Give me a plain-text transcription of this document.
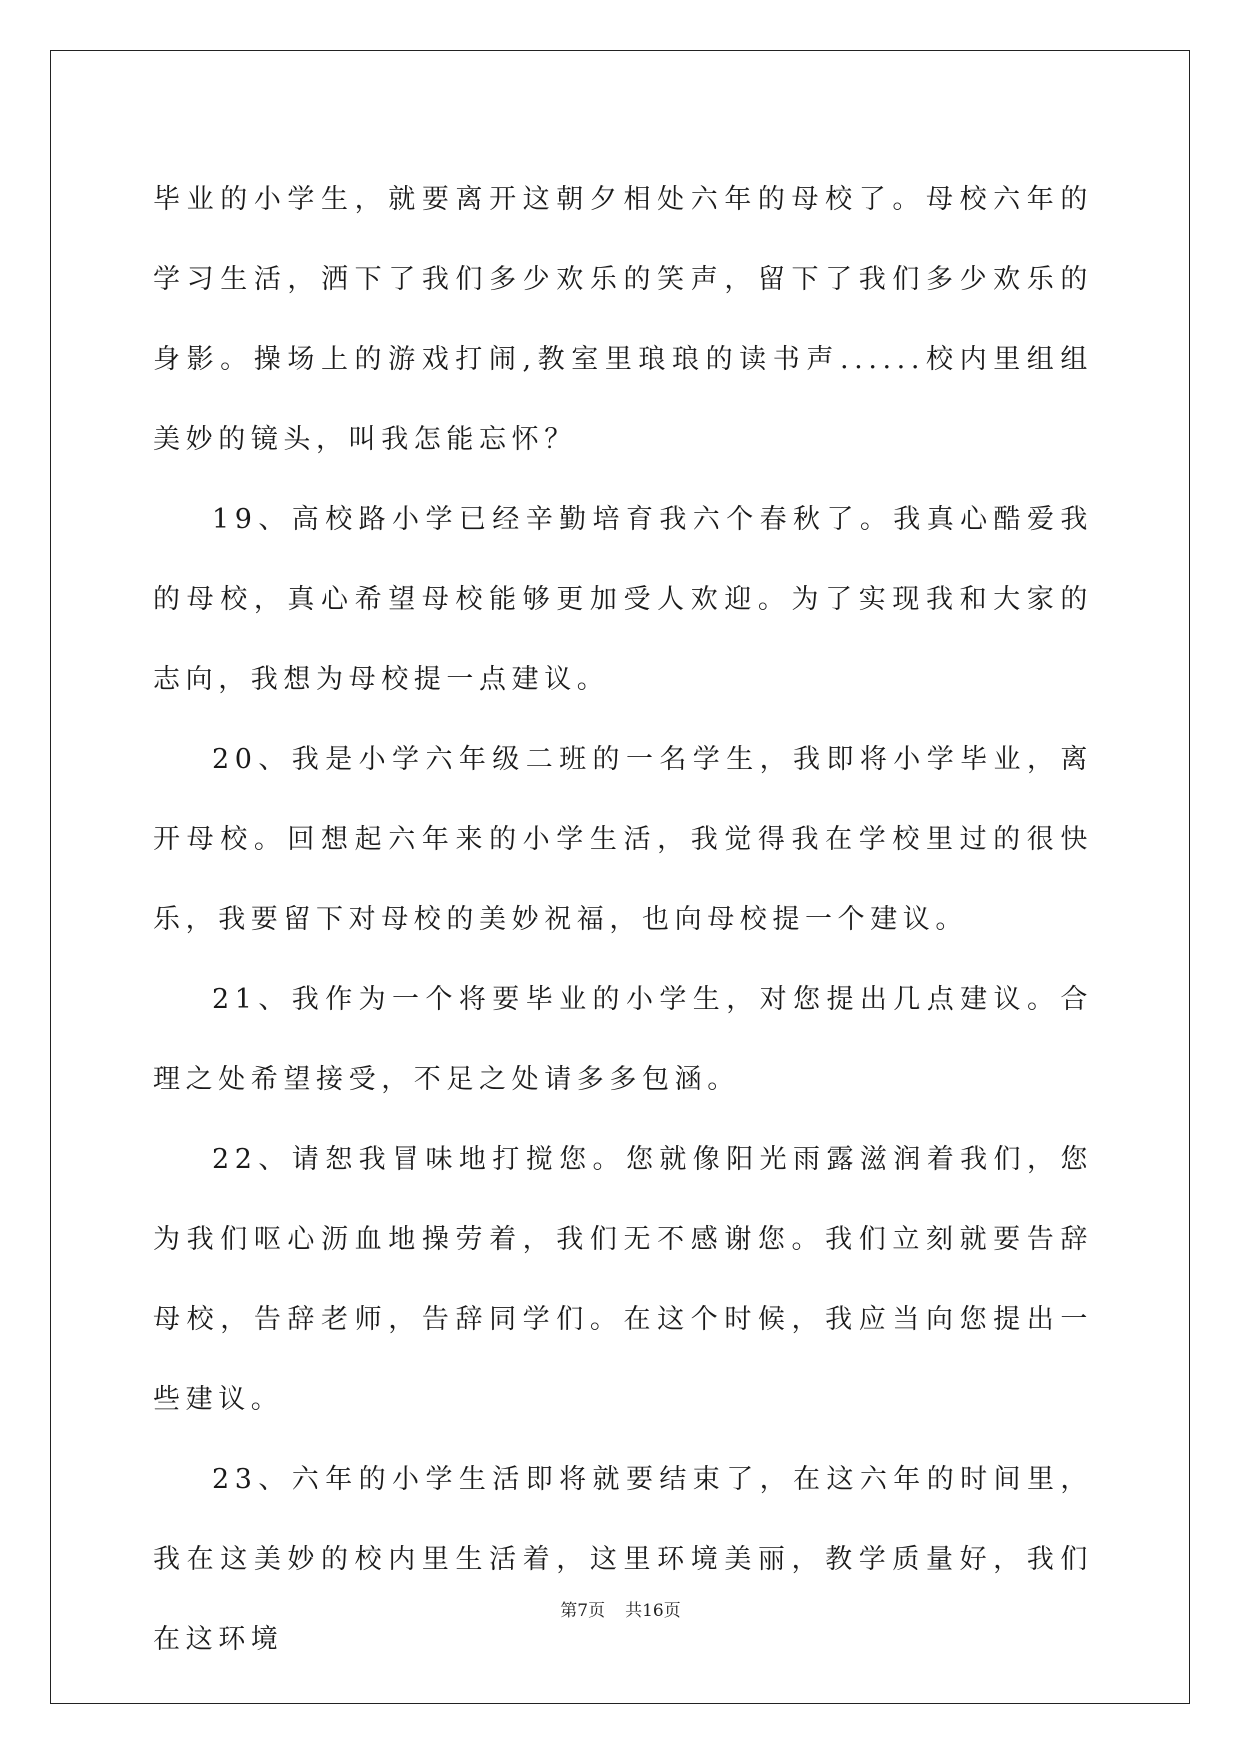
毕业的小学生，就要离开这朝夕相处六年的母校了。母校六年的学习生活，洒下了我们多少欢乐的笑声，留下了我们多少欢乐的身影。操场上的游戏打闹,教室里琅琅的读书声......校内里组组美妙的镜头，叫我怎能忘怀？

19、高校路小学已经辛勤培育我六个春秋了。我真心酷爱我的母校，真心希望母校能够更加受人欢迎。为了实现我和大家的志向，我想为母校提一点建议。

20、我是小学六年级二班的一名学生，我即将小学毕业，离开母校。回想起六年来的小学生活，我觉得我在学校里过的很快乐，我要留下对母校的美妙祝福，也向母校提一个建议。

21、我作为一个将要毕业的小学生，对您提出几点建议。合理之处希望接受，不足之处请多多包涵。

22、请恕我冒味地打搅您。您就像阳光雨露滋润着我们，您为我们呕心沥血地操劳着，我们无不感谢您。我们立刻就要告辞母校，告辞老师，告辞同学们。在这个时候，我应当向您提出一些建议。

23、六年的小学生活即将就要结束了，在这六年的时间里，我在这美妙的校内里生活着，这里环境美丽，教学质量好，我们在这环境

第7页 共16页
